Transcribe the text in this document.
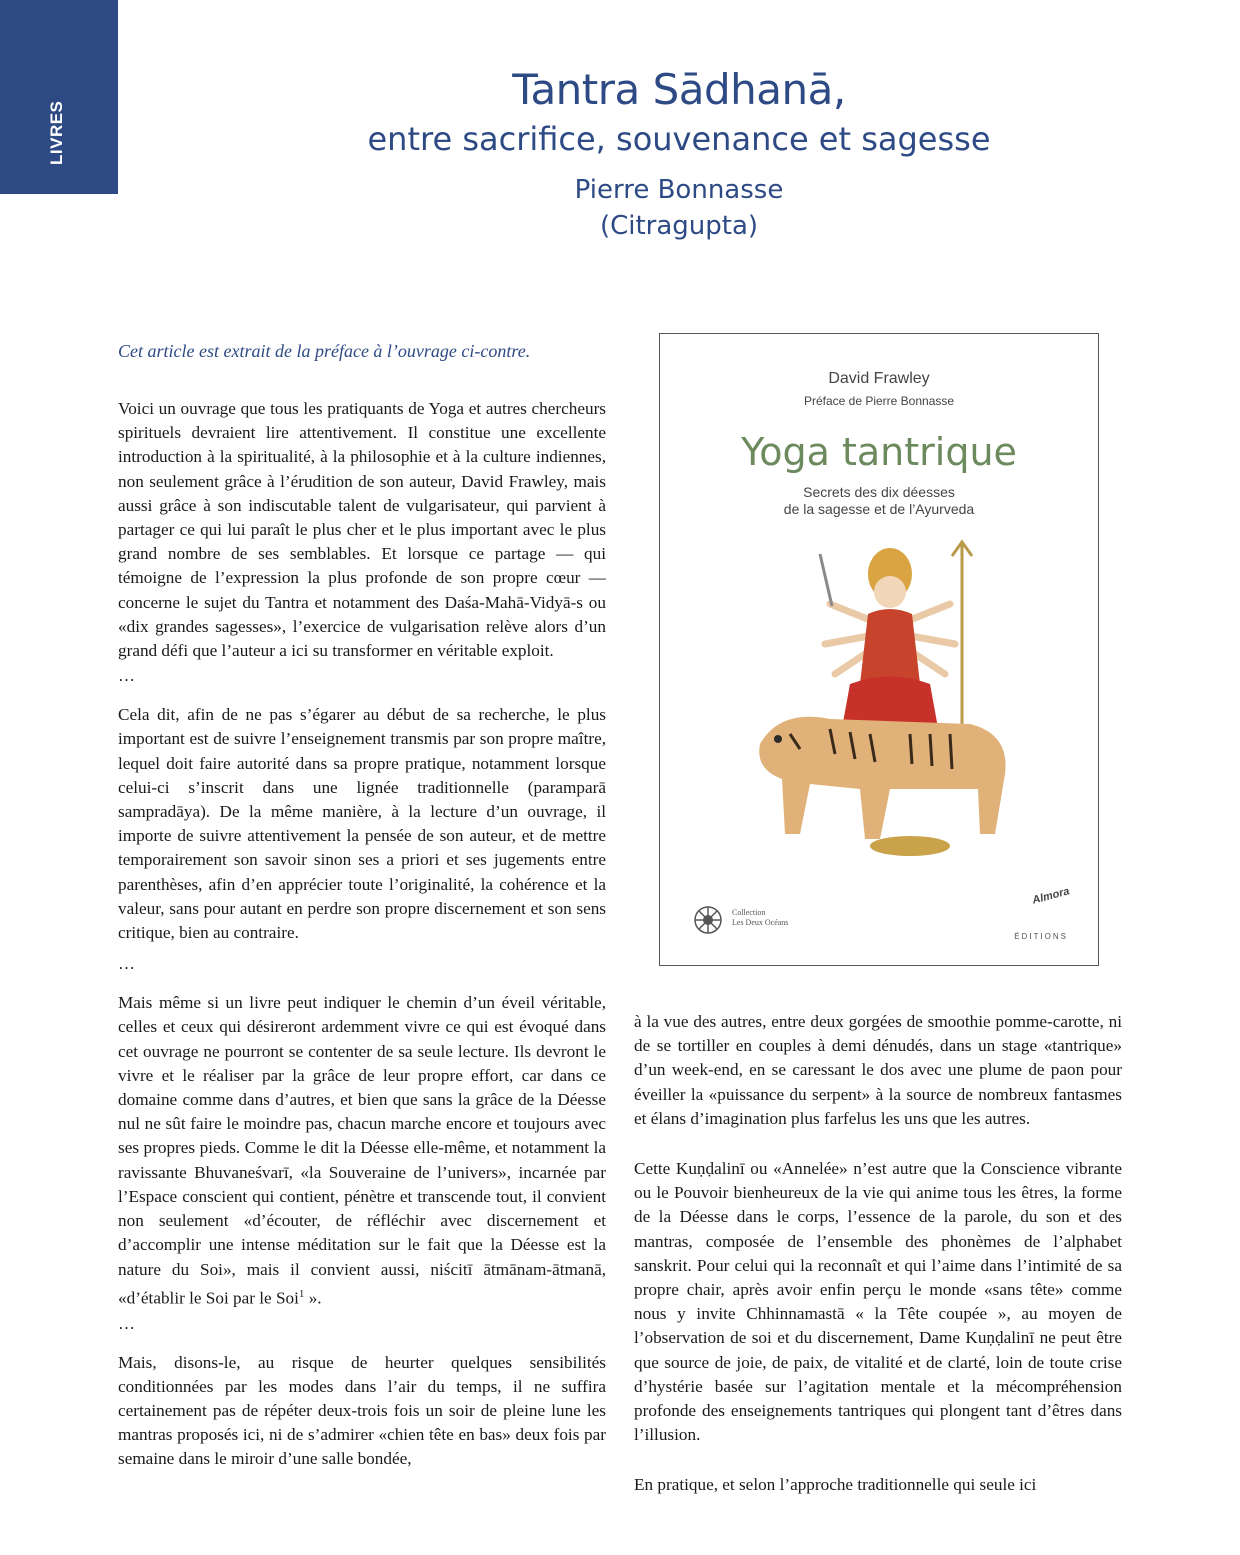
LIVRES
Tantra Sādhanā,
entre sacrifice, souvenance et sagesse
Pierre Bonnasse
(Citragupta)

Cet article est extrait de la préface à l’ouvrage ci-contre.

Voici un ouvrage que tous les pratiquants de Yoga et autres chercheurs spirituels devraient lire attentivement. Il constitue une excellente introduction à la spiritualité, à la philosophie et à la culture indiennes, non seulement grâce à l’érudition de son auteur, David Frawley, mais aussi grâce à son indiscutable talent de vulgarisateur, qui parvient à partager ce qui lui paraît le plus cher et le plus important avec le plus grand nombre de ses semblables. Et lorsque ce partage — qui témoigne de l’expression la plus profonde de son propre cœur — concerne le sujet du Tantra et notamment des Daśa-Mahā-Vidyā-s ou «dix grandes sagesses», l’exercice de vulgarisation relève alors d’un grand défi que l’auteur a ici su transformer en véritable exploit.

…

Cela dit, afin de ne pas s’égarer au début de sa recherche, le plus important est de suivre l’enseignement transmis par son propre maître, lequel doit faire autorité dans sa propre pratique, notamment lorsque celui-ci s’inscrit dans une lignée traditionnelle (paramparā sampradāya). De la même manière, à la lecture d’un ouvrage, il importe de suivre attentivement la pensée de son auteur, et de mettre temporairement son savoir sinon ses a priori et ses jugements entre parenthèses, afin d’en apprécier toute l’originalité, la cohérence et la valeur, sans pour autant en perdre son propre discernement et son sens critique, bien au contraire.

…

Mais même si un livre peut indiquer le chemin d’un éveil véritable, celles et ceux qui désireront ardemment vivre ce qui est évoqué dans cet ouvrage ne pourront se contenter de sa seule lecture. Ils devront le vivre et le réaliser par la grâce de leur propre effort, car dans ce domaine comme dans d’autres, et bien que sans la grâce de la Déesse nul ne sût faire le moindre pas, chacun marche encore et toujours avec ses propres pieds. Comme le dit la Déesse elle-même, et notamment la ravissante Bhuvaneśvarī, «la Souveraine de l’univers», incarnée par l’Espace conscient qui contient, pénètre et transcende tout, il convient non seulement «d’écouter, de réfléchir avec discernement et d’accomplir une intense méditation sur le fait que la Déesse est la nature du Soi», mais il convient aussi, niścitī ātmānam-ātmanā, «d’établir le Soi par le Soi$^1$ ».

…

Mais, disons-le, au risque de heurter quelques sensibilités conditionnées par les modes dans l’air du temps, il ne suffira certainement pas de répéter deux-trois fois un soir de pleine lune les mantras proposés ici, ni de s’admirer «chien tête en bas» deux fois par semaine dans le miroir d’une salle bondée,

David Frawley
Préface de Pierre Bonnasse
Yoga tantrique
Secrets des dix déesses
de la sagesse et de l’Ayurveda
Collection
Les Deux Océans
Almora
ÉDITIONS

à la vue des autres, entre deux gorgées de smoothie pomme-carotte, ni de se tortiller en couples à demi dénudés, dans un stage «tantrique» d’un week-end, en se caressant le dos avec une plume de paon pour éveiller la «puissance du serpent» à la source de nombreux fantasmes et élans d’imagination plus farfelus les uns que les autres.

Cette Kuṇḍalinī ou «Annelée» n’est autre que la Conscience vibrante ou le Pouvoir bienheureux de la vie qui anime tous les êtres, la forme de la Déesse dans le corps, l’essence de la parole, du son et des mantras, composée de l’ensemble des phonèmes de l’alphabet sanskrit. Pour celui qui la reconnaît et qui l’aime dans l’intimité de sa propre chair, après avoir enfin perçu le monde «sans tête» comme nous y invite Chhinnamastā « la Tête coupée », au moyen de l’observation de soi et du discernement, Dame Kuṇḍalinī ne peut être que source de joie, de paix, de vitalité et de clarté, loin de toute crise d’hystérie basée sur l’agitation mentale et la mécompréhension profonde des enseignements tantriques qui plongent tant d’êtres dans l’illusion.

En pratique, et selon l’approche traditionnelle qui seule ici
